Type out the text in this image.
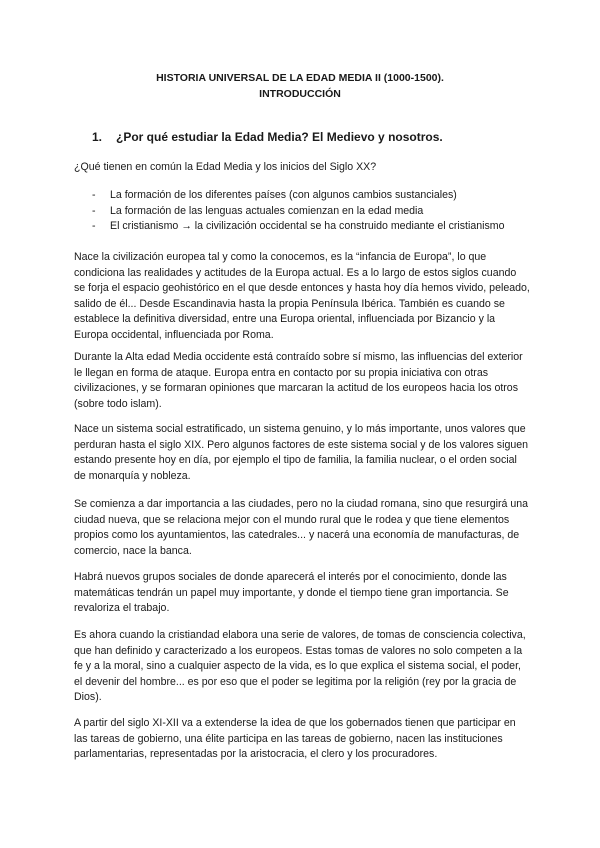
HISTORIA UNIVERSAL DE LA EDAD MEDIA II (1000-1500).
INTRODUCCIÓN
1. ¿Por qué estudiar la Edad Media? El Medievo y nosotros.

¿Qué tienen en común la Edad Media y los inicios del Siglo XX?

- La formación de los diferentes países (con algunos cambios sustanciales)
- La formación de las lenguas actuales comienzan en la edad media
- El cristianismo → la civilización occidental se ha construido mediante el cristianismo

Nace la civilización europea tal y como la conocemos, es la “infancia de Europa”, lo que condiciona las realidades y actitudes de la Europa actual. Es a lo largo de estos siglos cuando se forja el espacio geohistórico en el que desde entonces y hasta hoy día hemos vivido, peleado, salido de él... Desde Escandinavia hasta la propia Península Ibérica. También es cuando se establece la definitiva diversidad, entre una Europa oriental, influenciada por Bizancio y la Europa occidental, influenciada por Roma.

Durante la Alta edad Media occidente está contraído sobre sí mismo, las influencias del exterior le llegan en forma de ataque. Europa entra en contacto por su propia iniciativa con otras civilizaciones, y se formaran opiniones que marcaran la actitud de los europeos hacia los otros (sobre todo islam).

Nace un sistema social estratificado, un sistema genuino, y lo más importante, unos valores que perduran hasta el siglo XIX. Pero algunos factores de este sistema social y de los valores siguen estando presente hoy en día, por ejemplo el tipo de familia, la familia nuclear, o el orden social de monarquía y nobleza.

Se comienza a dar importancia a las ciudades, pero no la ciudad romana, sino que resurgirá una ciudad nueva, que se relaciona mejor con el mundo rural que le rodea y que tiene elementos propios como los ayuntamientos, las catedrales... y nacerá una economía de manufacturas, de comercio, nace la banca.

Habrá nuevos grupos sociales de donde aparecerá el interés por el conocimiento, donde las matemáticas tendrán un papel muy importante, y donde el tiempo tiene gran importancia. Se revaloriza el trabajo.

Es ahora cuando la cristiandad elabora una serie de valores, de tomas de consciencia colectiva, que han definido y caracterizado a los europeos. Estas tomas de valores no solo competen a la fe y a la moral, sino a cualquier aspecto de la vida, es lo que explica el sistema social, el poder, el devenir del hombre... es por eso que el poder se legitima por la religión (rey por la gracia de Dios).

A partir del siglo XI-XII va a extenderse la idea de que los gobernados tienen que participar en las tareas de gobierno, una élite participa en las tareas de gobierno, nacen las instituciones parlamentarias, representadas por la aristocracia, el clero y los procuradores.
